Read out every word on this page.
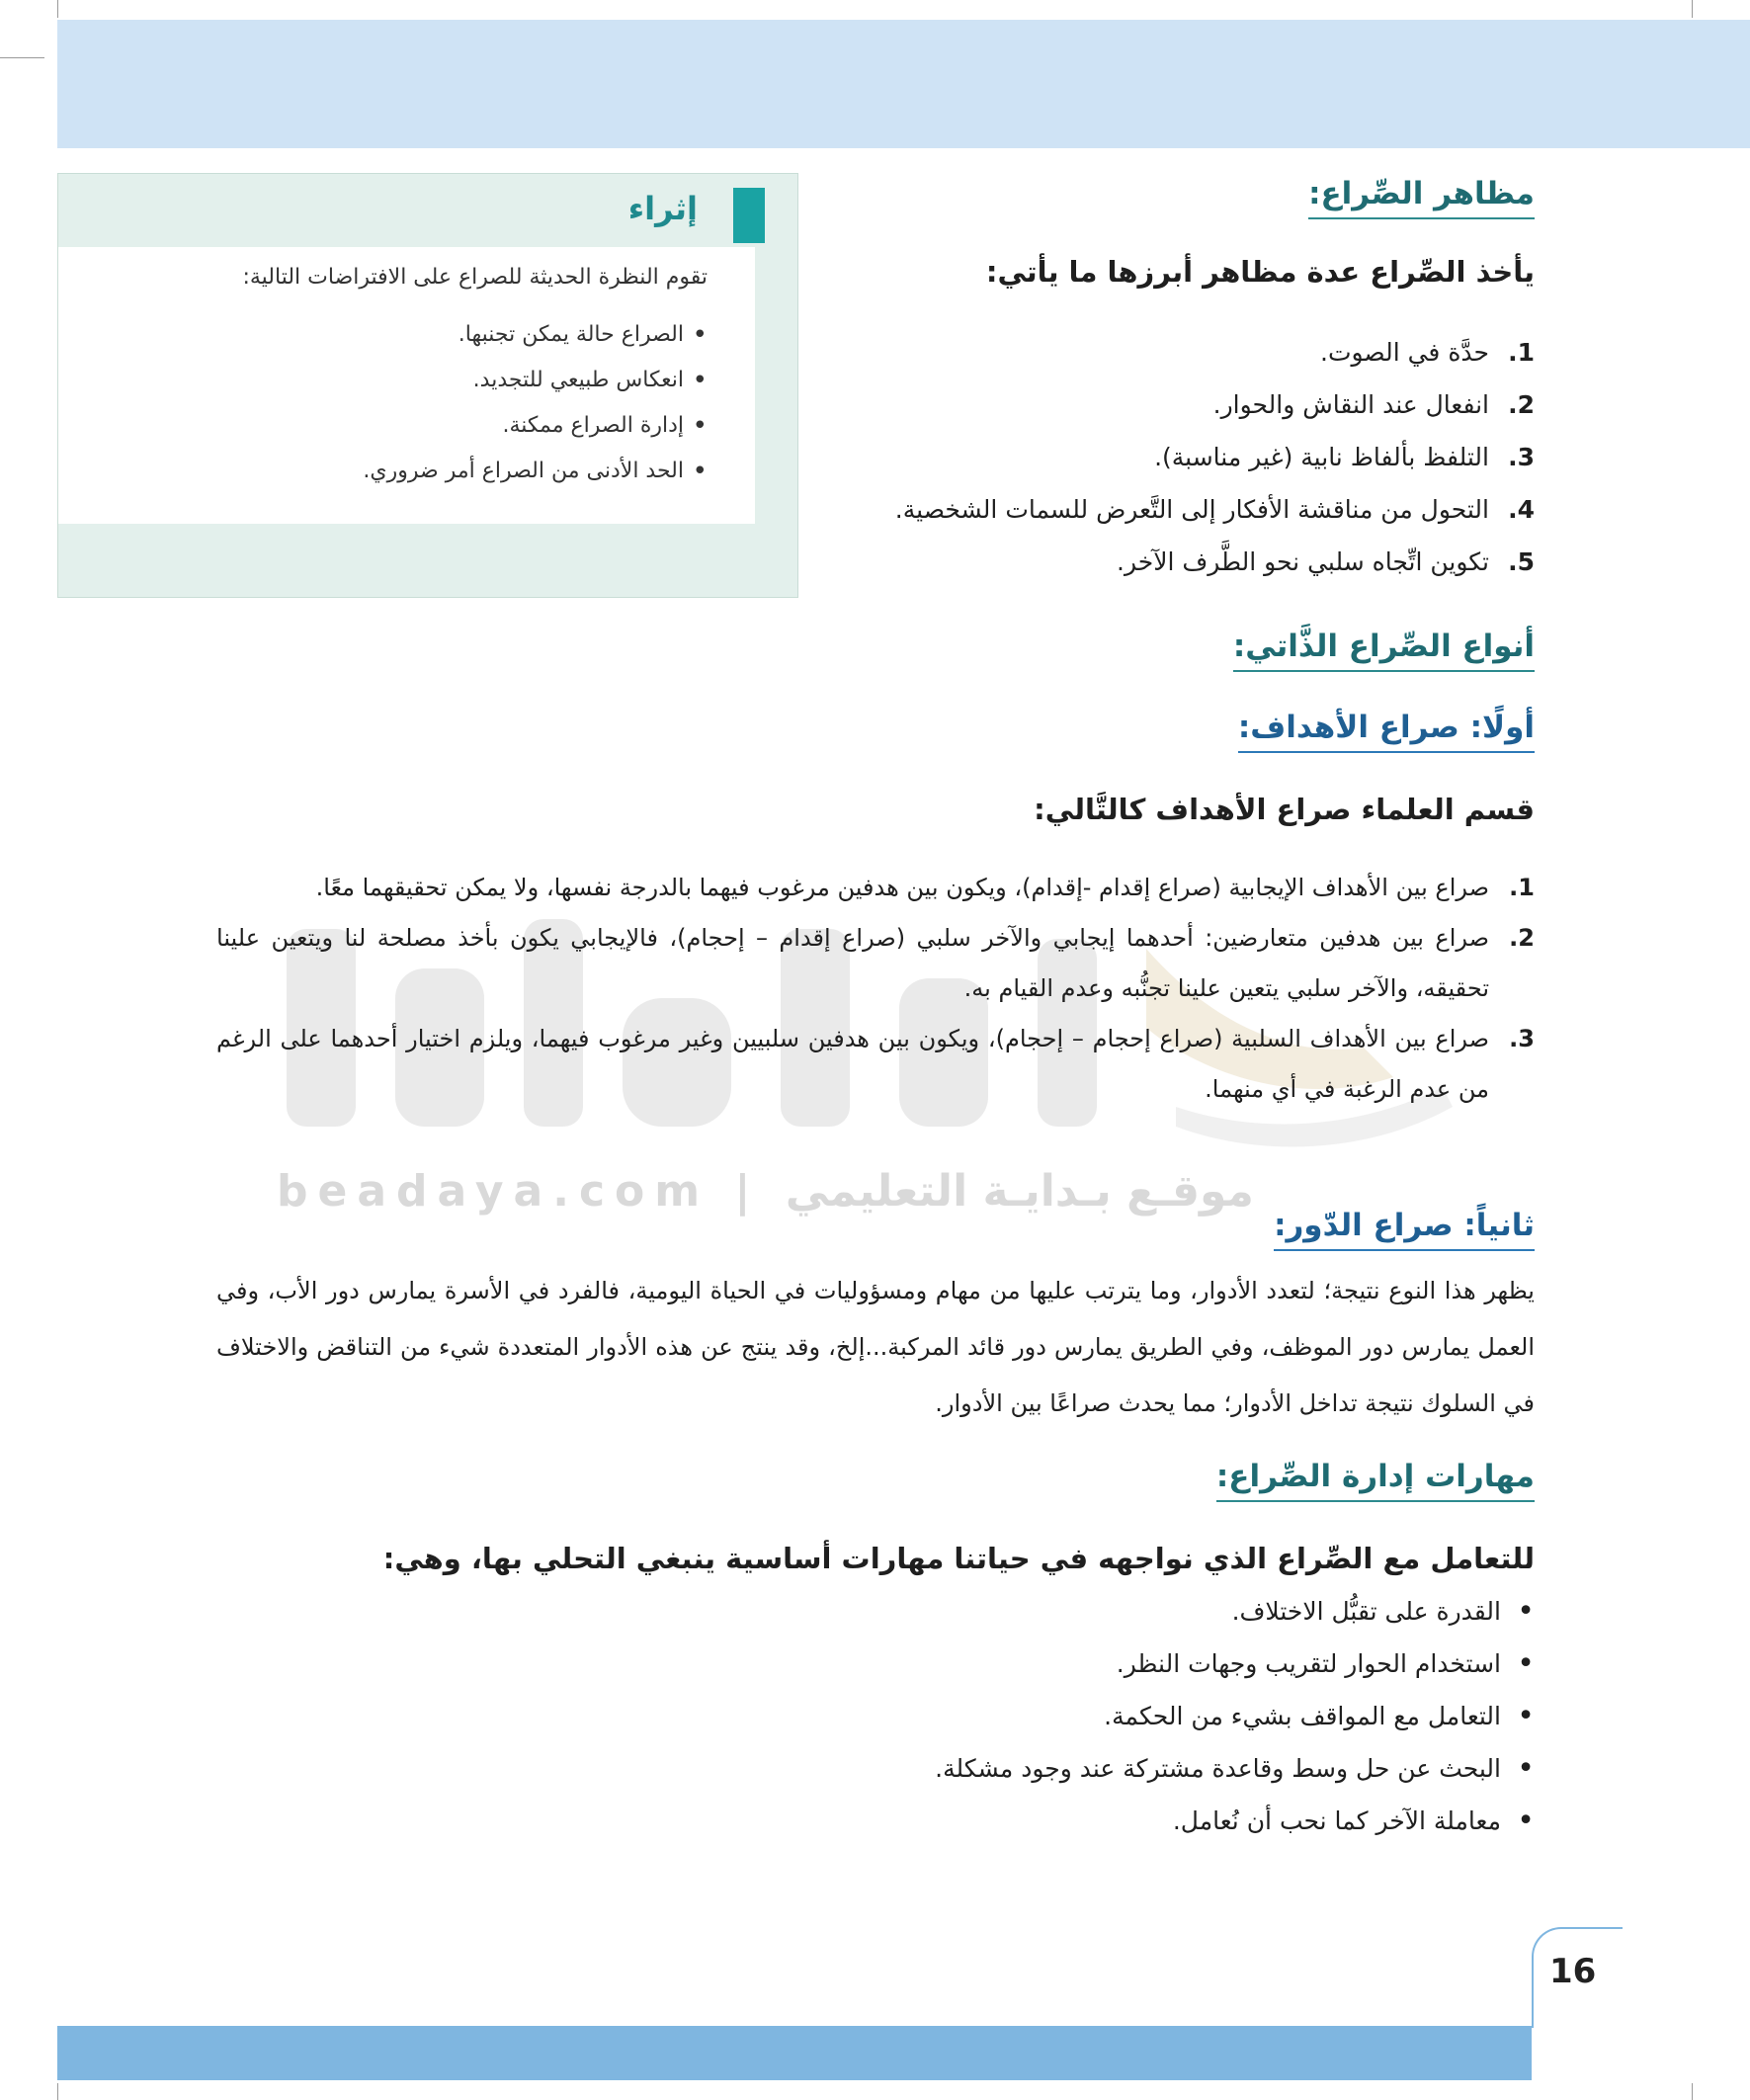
beadaya.com | موقـع بـدايـة التعليمي
إثراء

تقوم النظرة الحديثة للصراع على الافتراضات التالية:

• الصراع حالة يمكن تجنبها.
• انعكاس طبيعي للتجديد.
• إدارة الصراع ممكنة.
• الحد الأدنى من الصراع أمر ضروري.
مظاهر الصِّراع:
يأخذ الصِّراع عدة مظاهر أبرزها ما يأتي:
1.
حدَّة في الصوت.
2.
انفعال عند النقاش والحوار.
3.
التلفظ بألفاظ نابية (غير مناسبة).
4.
التحول من مناقشة الأفكار إلى التَّعرض للسمات الشخصية.
5.
تكوين اتِّجاه سلبي نحو الطَّرف الآخر.
أنواع الصِّراع الذَّاتي:
أولًا: صراع الأهداف:
قسم العلماء صراع الأهداف كالتَّالي:
1.
صراع بين الأهداف الإيجابية (صراع إقدام -إقدام)، ويكون بين هدفين مرغوب فيهما بالدرجة نفسها، ولا يمكن تحقيقهما معًا.
2.
صراع بين هدفين متعارضين: أحدهما إيجابي والآخر سلبي (صراع إقدام – إحجام)، فالإيجابي يكون بأخذ مصلحة لنا ويتعين علينا تحقيقه، والآخر سلبي يتعين علينا تجنُّبه وعدم القيام به.
3.
صراع بين الأهداف السلبية (صراع إحجام – إحجام)، ويكون بين هدفين سلبيين وغير مرغوب فيهما، ويلزم اختيار أحدهما على الرغم من عدم الرغبة في أي منهما.
ثانياً: صراع الدّور:

يظهر هذا النوع نتيجة؛ لتعدد الأدوار، وما يترتب عليها من مهام ومسؤوليات في الحياة اليومية، فالفرد في الأسرة يمارس دور الأب، وفي العمل يمارس دور الموظف، وفي الطريق يمارس دور قائد المركبة...إلخ، وقد ينتج عن هذه الأدوار المتعددة شيء من التناقض والاختلاف في السلوك نتيجة تداخل الأدوار؛ مما يحدث صراعًا بين الأدوار.

مهارات إدارة الصِّراع:
للتعامل مع الصِّراع الذي نواجهه في حياتنا مهارات أساسية ينبغي التحلي بها، وهي:
• القدرة على تقبُّل الاختلاف.
• استخدام الحوار لتقريب وجهات النظر.
• التعامل مع المواقف بشيء من الحكمة.
• البحث عن حل وسط وقاعدة مشتركة عند وجود مشكلة.
• معاملة الآخر كما نحب أن نُعامل.
16
